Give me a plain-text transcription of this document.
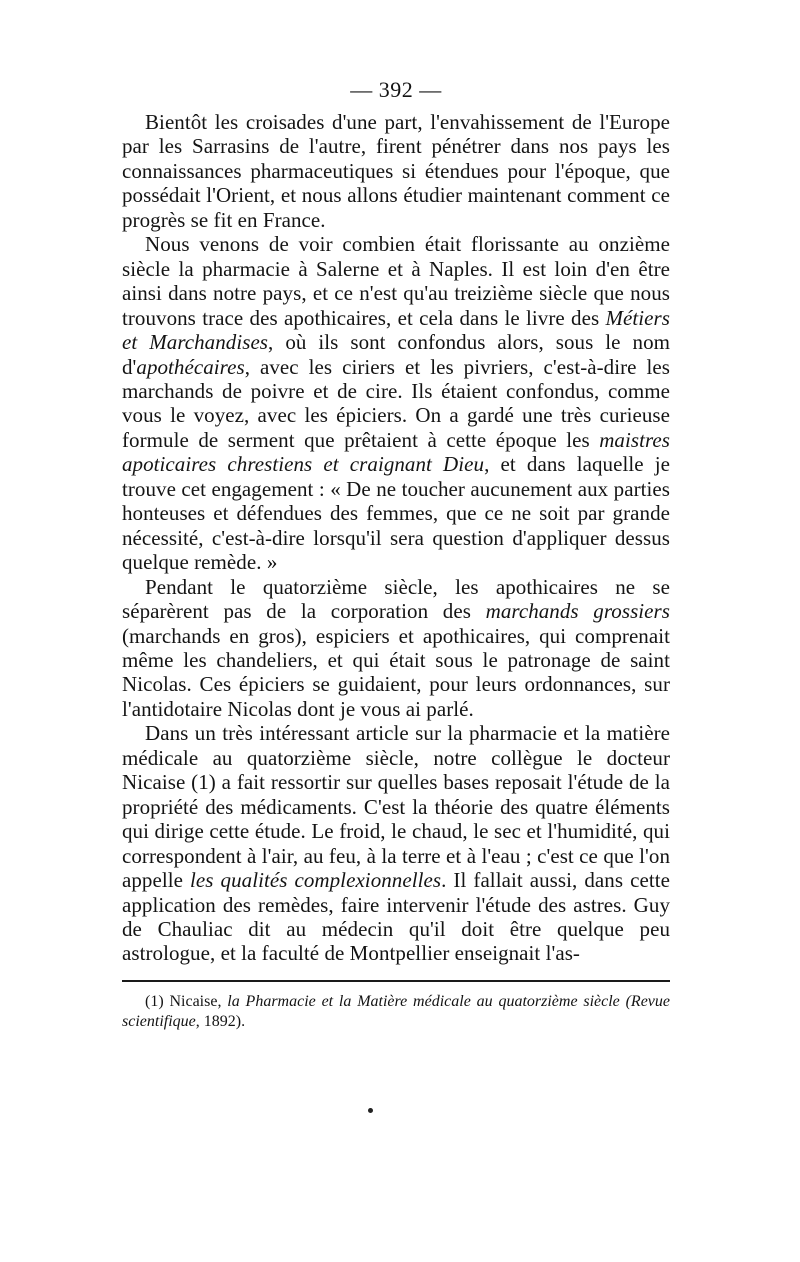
— 392 —

Bientôt les croisades d'une part, l'envahissement de l'Europe par les Sarrasins de l'autre, firent pénétrer dans nos pays les connaissances pharmaceutiques si étendues pour l'époque, que possédait l'Orient, et nous allons étudier maintenant comment ce progrès se fit en France.

Nous venons de voir combien était florissante au onzième siècle la pharmacie à Salerne et à Naples. Il est loin d'en être ainsi dans notre pays, et ce n'est qu'au treizième siècle que nous trouvons trace des apothicaires, et cela dans le livre des Métiers et Marchandises, où ils sont confondus alors, sous le nom d'apothécaires, avec les ciriers et les pivriers, c'est-à-dire les marchands de poivre et de cire. Ils étaient confondus, comme vous le voyez, avec les épiciers. On a gardé une très curieuse formule de serment que prêtaient à cette époque les maistres apoticaires chrestiens et craignant Dieu, et dans laquelle je trouve cet engagement : « De ne toucher aucunement aux parties honteuses et défendues des femmes, que ce ne soit par grande nécessité, c'est-à-dire lorsqu'il sera question d'appliquer dessus quelque remède. »

Pendant le quatorzième siècle, les apothicaires ne se séparèrent pas de la corporation des marchands grossiers (marchands en gros), espiciers et apothicaires, qui comprenait même les chandeliers, et qui était sous le patronage de saint Nicolas. Ces épiciers se guidaient, pour leurs ordonnances, sur l'antidotaire Nicolas dont je vous ai parlé.

Dans un très intéressant article sur la pharmacie et la matière médicale au quatorzième siècle, notre collègue le docteur Nicaise (1) a fait ressortir sur quelles bases reposait l'étude de la propriété des médicaments. C'est la théorie des quatre éléments qui dirige cette étude. Le froid, le chaud, le sec et l'humidité, qui correspondent à l'air, au feu, à la terre et à l'eau ; c'est ce que l'on appelle les qualités complexionnelles. Il fallait aussi, dans cette application des remèdes, faire intervenir l'étude des astres. Guy de Chauliac dit au médecin qu'il doit être quelque peu astrologue, et la faculté de Montpellier enseignait l'as-

(1) Nicaise, la Pharmacie et la Matière médicale au quatorzième siècle (Revue scientifique, 1892).
